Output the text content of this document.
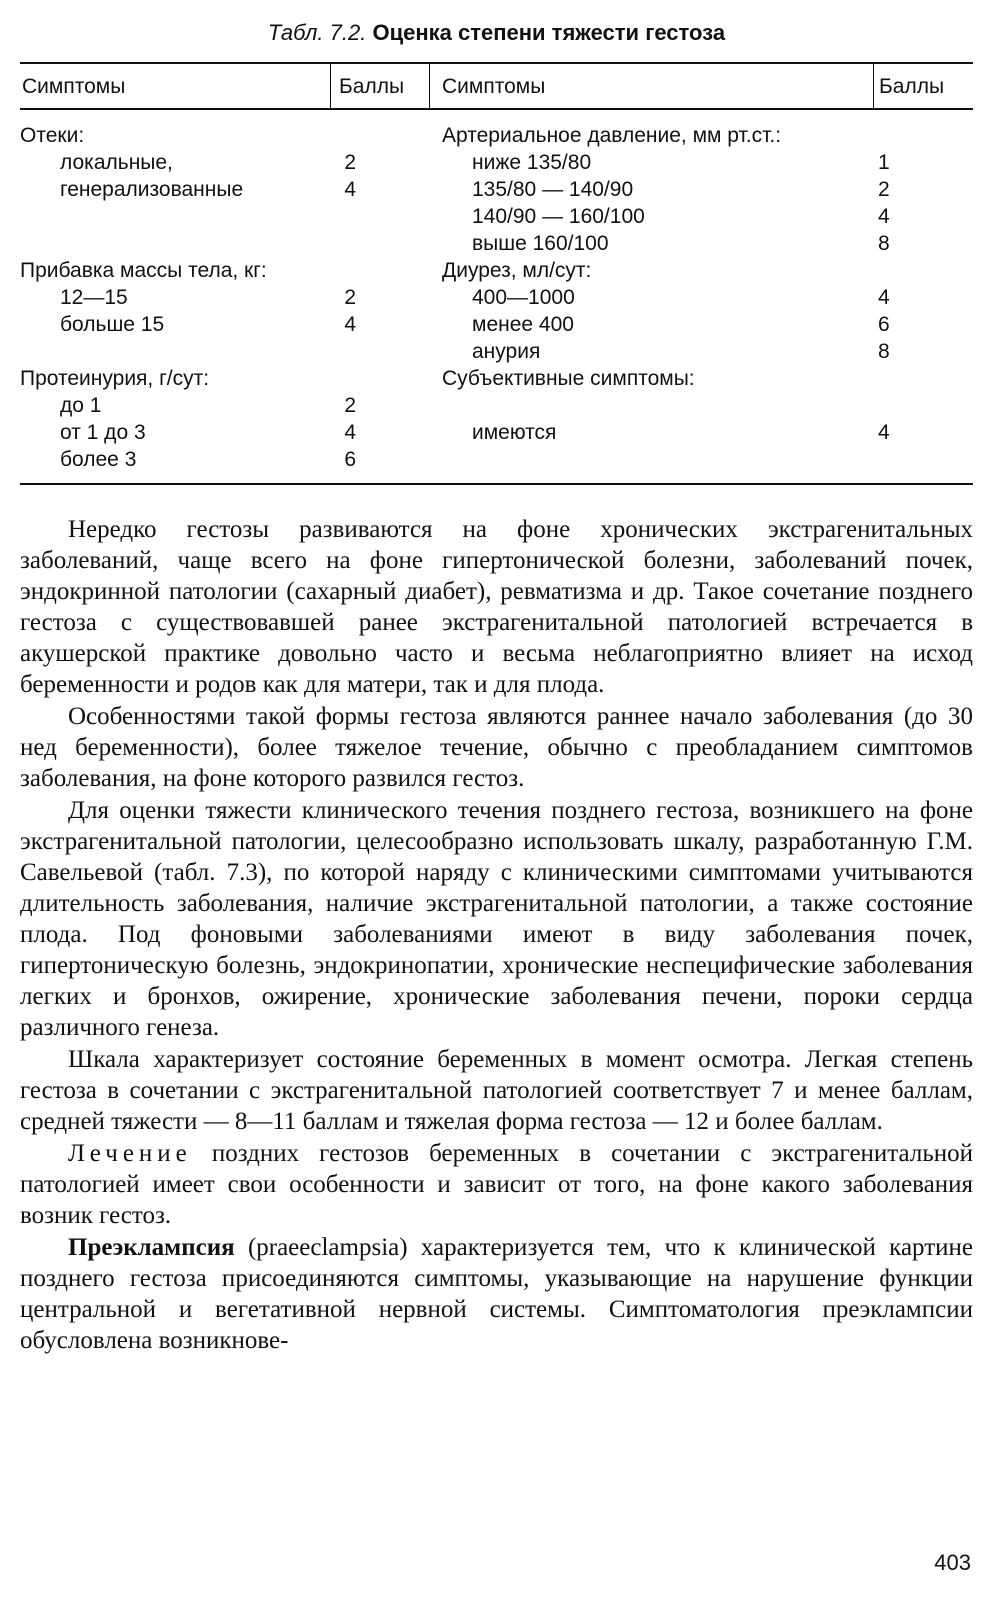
Табл. 7.2. Оценка степени тяжести гестоза
Симптомы	Баллы	Симптомы	Баллы
Отеки:
локальные,	2
генерализованные	4
Прибавка массы тела, кг:
12—15	2
больше 15	4
Протеинурия, г/сут:
до 1	2
от 1 до 3	4
более 3	6
Артериальное давление, мм рт.ст.:
ниже 135/80	1
135/80 — 140/90	2
140/90 — 160/100	4
выше 160/100	8
Диурез, мл/сут:
400—1000	4
менее 400	6
анурия	8
Субъективные симптомы:
имеются	4

Нередко гестозы развиваются на фоне хронических экстрагенитальных заболеваний, чаще всего на фоне гипертонической болезни, заболеваний почек, эндокринной патологии (сахарный диабет), ревматизма и др. Такое сочетание позднего гестоза с существовавшей ранее экстрагенитальной патологией встречается в акушерской практике довольно часто и весьма неблагоприятно влияет на исход беременности и родов как для матери, так и для плода.

Особенностями такой формы гестоза являются раннее начало заболевания (до 30 нед беременности), более тяжелое течение, обычно с преобладанием симптомов заболевания, на фоне которого развился гестоз.

Для оценки тяжести клинического течения позднего гестоза, возникшего на фоне экстрагенитальной патологии, целесообразно использовать шкалу, разработанную Г.М. Савельевой (табл. 7.3), по которой наряду с клиническими симптомами учитываются длительность заболевания, наличие экстрагенитальной патологии, а также состояние плода. Под фоновыми заболеваниями имеют в виду заболевания почек, гипертоническую болезнь, эндокринопатии, хронические неспецифические заболевания легких и бронхов, ожирение, хронические заболевания печени, пороки сердца различного генеза.

Шкала характеризует состояние беременных в момент осмотра. Легкая степень гестоза в сочетании с экстрагенитальной патологией соответствует 7 и менее баллам, средней тяжести — 8—11 баллам и тяжелая форма гестоза — 12 и более баллам.

Лечение поздних гестозов беременных в сочетании с экстрагенитальной патологией имеет свои особенности и зависит от того, на фоне какого заболевания возник гестоз.

Преэклампсия (praeeclampsia) характеризуется тем, что к клинической картине позднего гестоза присоединяются симптомы, указывающие на нарушение функции центральной и вегетативной нервной системы. Симптоматология преэклампсии обусловлена возникнове-

403
